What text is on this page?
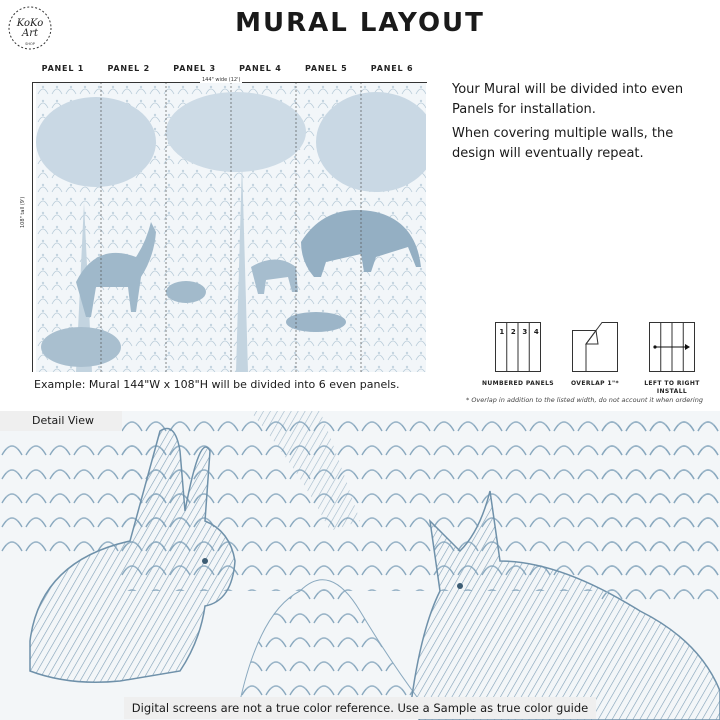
KoKo
Art
SHOP
MURAL LAYOUT
PANEL 1	PANEL 2	PANEL 3	PANEL 4	PANEL 5	PANEL 6
144" wide (12')
108" tall (9')
Example: Mural 144"W x 108"H will be divided into 6 even panels.

Your Mural will be divided into even Panels for installation.

When covering multiple walls, the design will eventually repeat.

1 2 3 4
NUMBERED PANELS	OVERLAP 1"*	LEFT TO RIGHT
INSTALL
* Overlap in addition to the listed width, do not account it when ordering
Detail View
Digital screens are not a true color reference. Use a Sample as true color guide
